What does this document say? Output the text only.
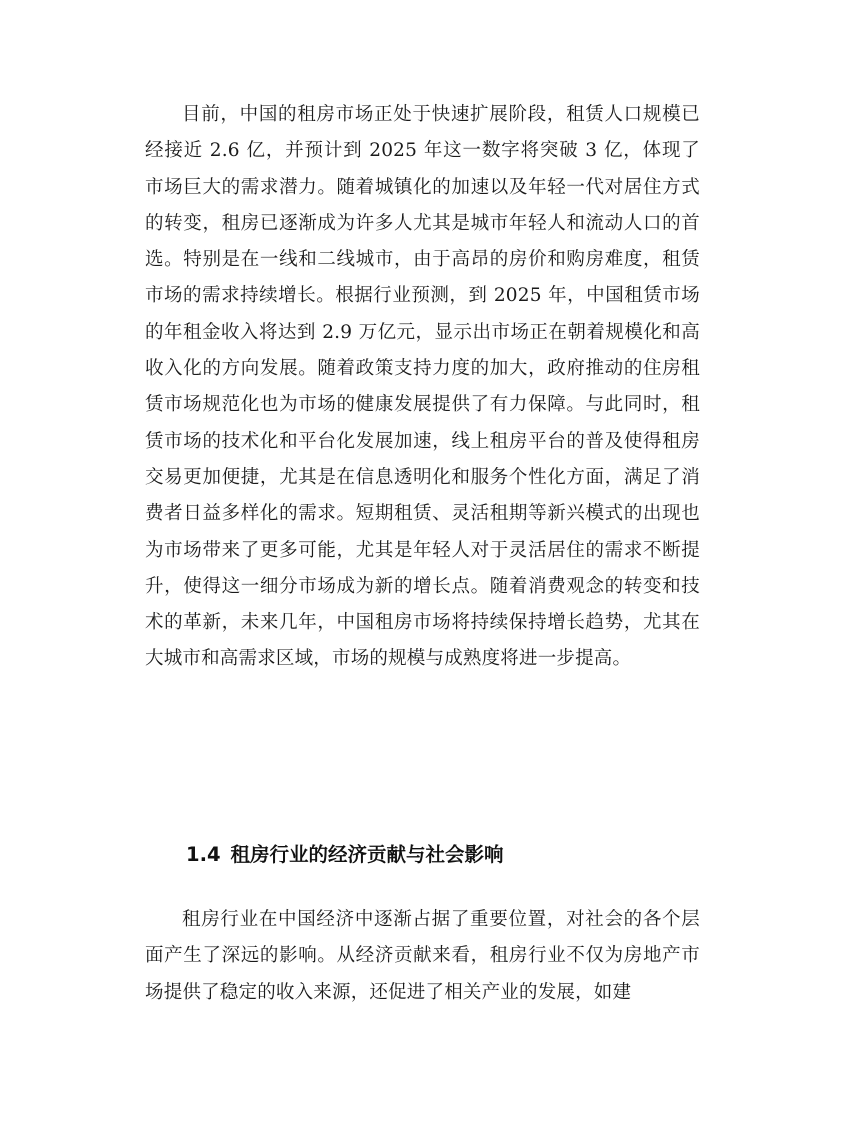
目前，中国的租房市场正处于快速扩展阶段，租赁人口规模已经接近 2.6 亿，并预计到 2025 年这一数字将突破 3 亿，体现了市场巨大的需求潜力。随着城镇化的加速以及年轻一代对居住方式的转变，租房已逐渐成为许多人尤其是城市年轻人和流动人口的首选。特别是在一线和二线城市，由于高昂的房价和购房难度，租赁市场的需求持续增长。根据行业预测，到 2025 年，中国租赁市场的年租金收入将达到 2.9 万亿元，显示出市场正在朝着规模化和高收入化的方向发展。随着政策支持力度的加大，政府推动的住房租赁市场规范化也为市场的健康发展提供了有力保障。与此同时，租赁市场的技术化和平台化发展加速，线上租房平台的普及使得租房交易更加便捷，尤其是在信息透明化和服务个性化方面，满足了消费者日益多样化的需求。短期租赁、灵活租期等新兴模式的出现也为市场带来了更多可能，尤其是年轻人对于灵活居住的需求不断提升，使得这一细分市场成为新的增长点。随着消费观念的转变和技术的革新，未来几年，中国租房市场将持续保持增长趋势，尤其在大城市和高需求区域，市场的规模与成熟度将进一步提高。

1.4 租房行业的经济贡献与社会影响

租房行业在中国经济中逐渐占据了重要位置，对社会的各个层面产生了深远的影响。从经济贡献来看，租房行业不仅为房地产市场提供了稳定的收入来源，还促进了相关产业的发展，如建
